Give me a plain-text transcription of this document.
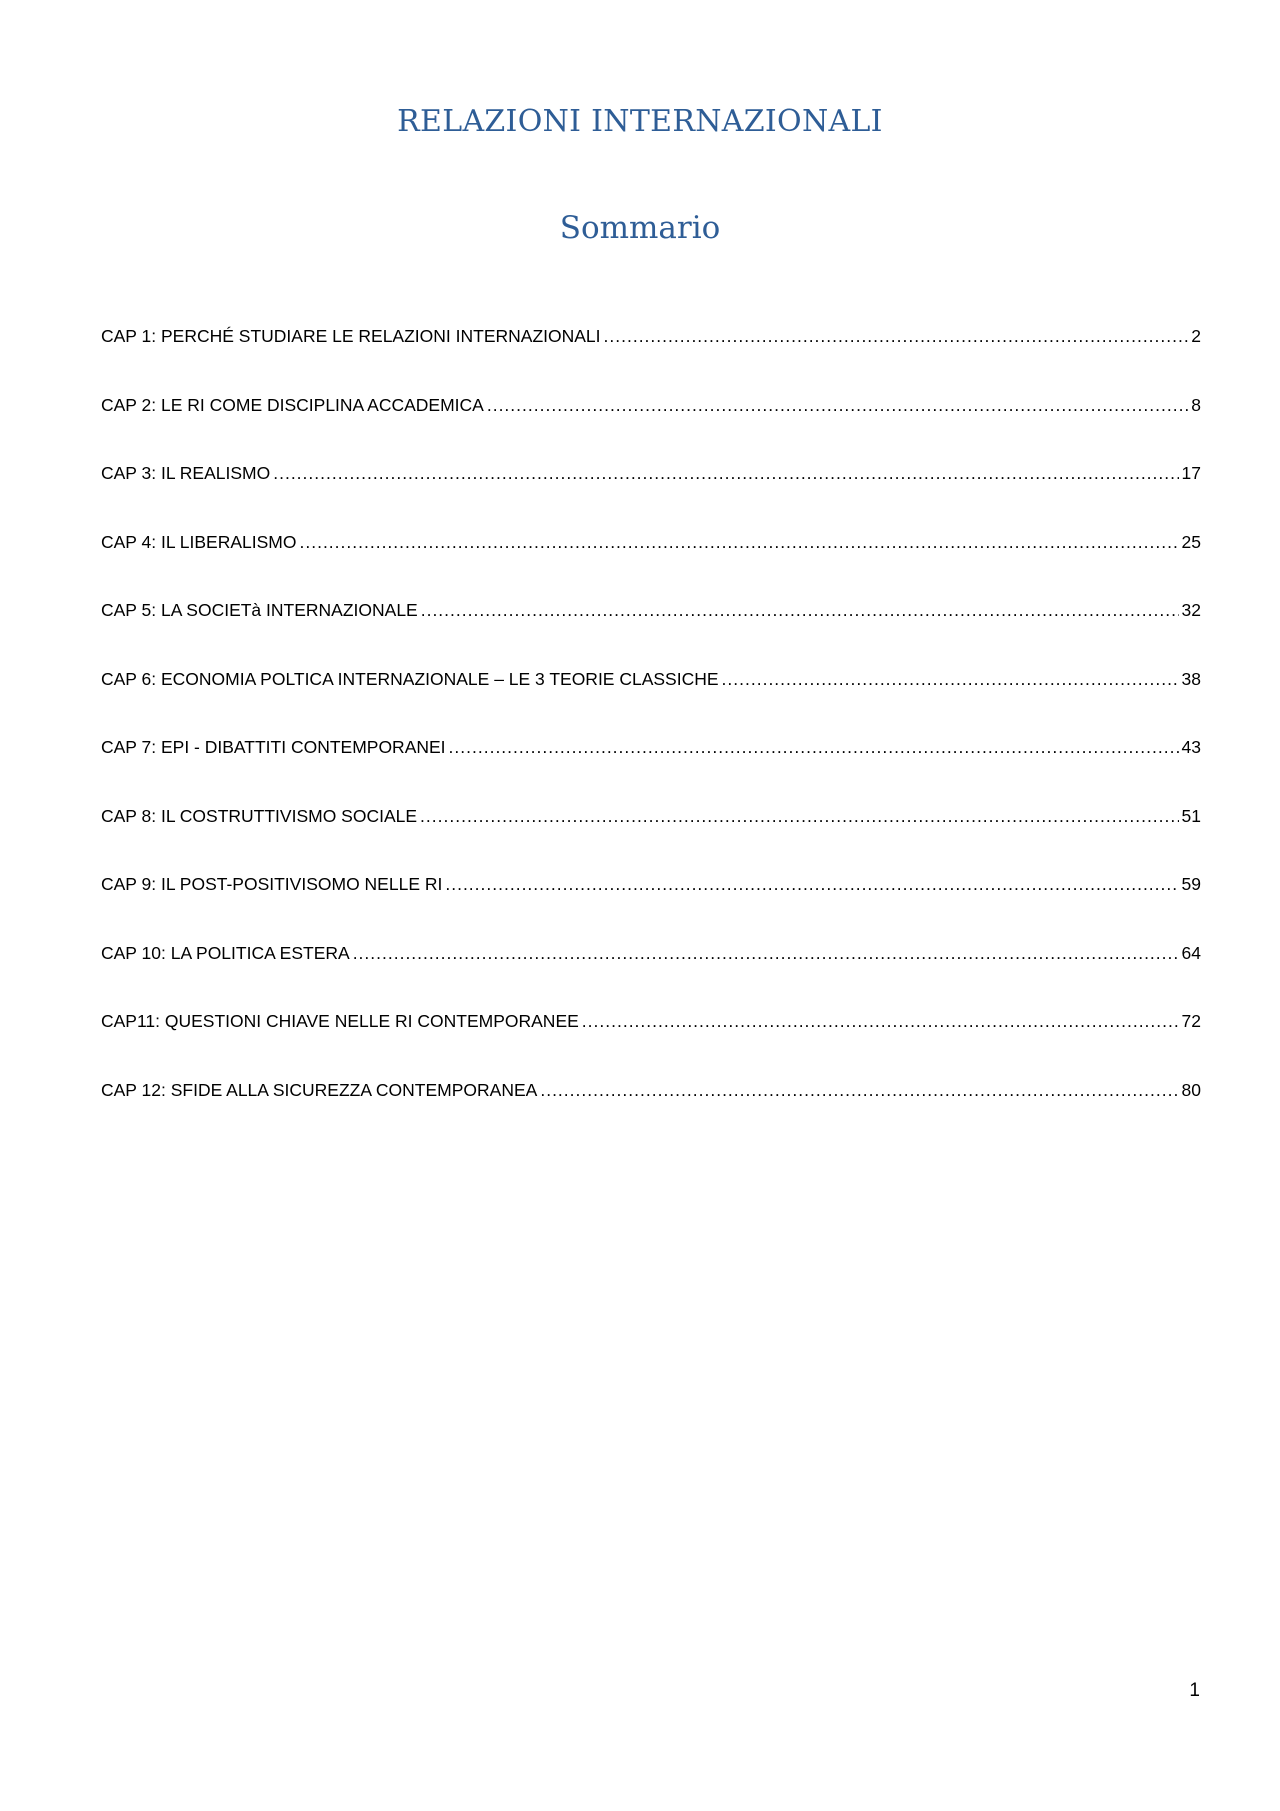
RELAZIONI INTERNAZIONALI
Sommario
CAP 1: PERCHÉ STUDIARE LE RELAZIONI INTERNAZIONALI .....	2
CAP 2: LE RI COME DISCIPLINA ACCADEMICA .....	8
CAP 3: IL REALISMO .....	17
CAP 4: IL LIBERALISMO .....	25
CAP 5: LA SOCIETà INTERNAZIONALE .....	32
CAP 6: ECONOMIA POLTICA INTERNAZIONALE – LE 3 TEORIE CLASSICHE .....	38
CAP 7: EPI - DIBATTITI CONTEMPORANEI .....	43
CAP 8: IL COSTRUTTIVISMO SOCIALE .....	51
CAP 9: IL POST-POSITIVISOMO NELLE RI .....	59
CAP 10: LA POLITICA ESTERA .....	64
CAP11: QUESTIONI CHIAVE NELLE RI CONTEMPORANEE .....	72
CAP 12: SFIDE ALLA SICUREZZA CONTEMPORANEA .....	80
1
